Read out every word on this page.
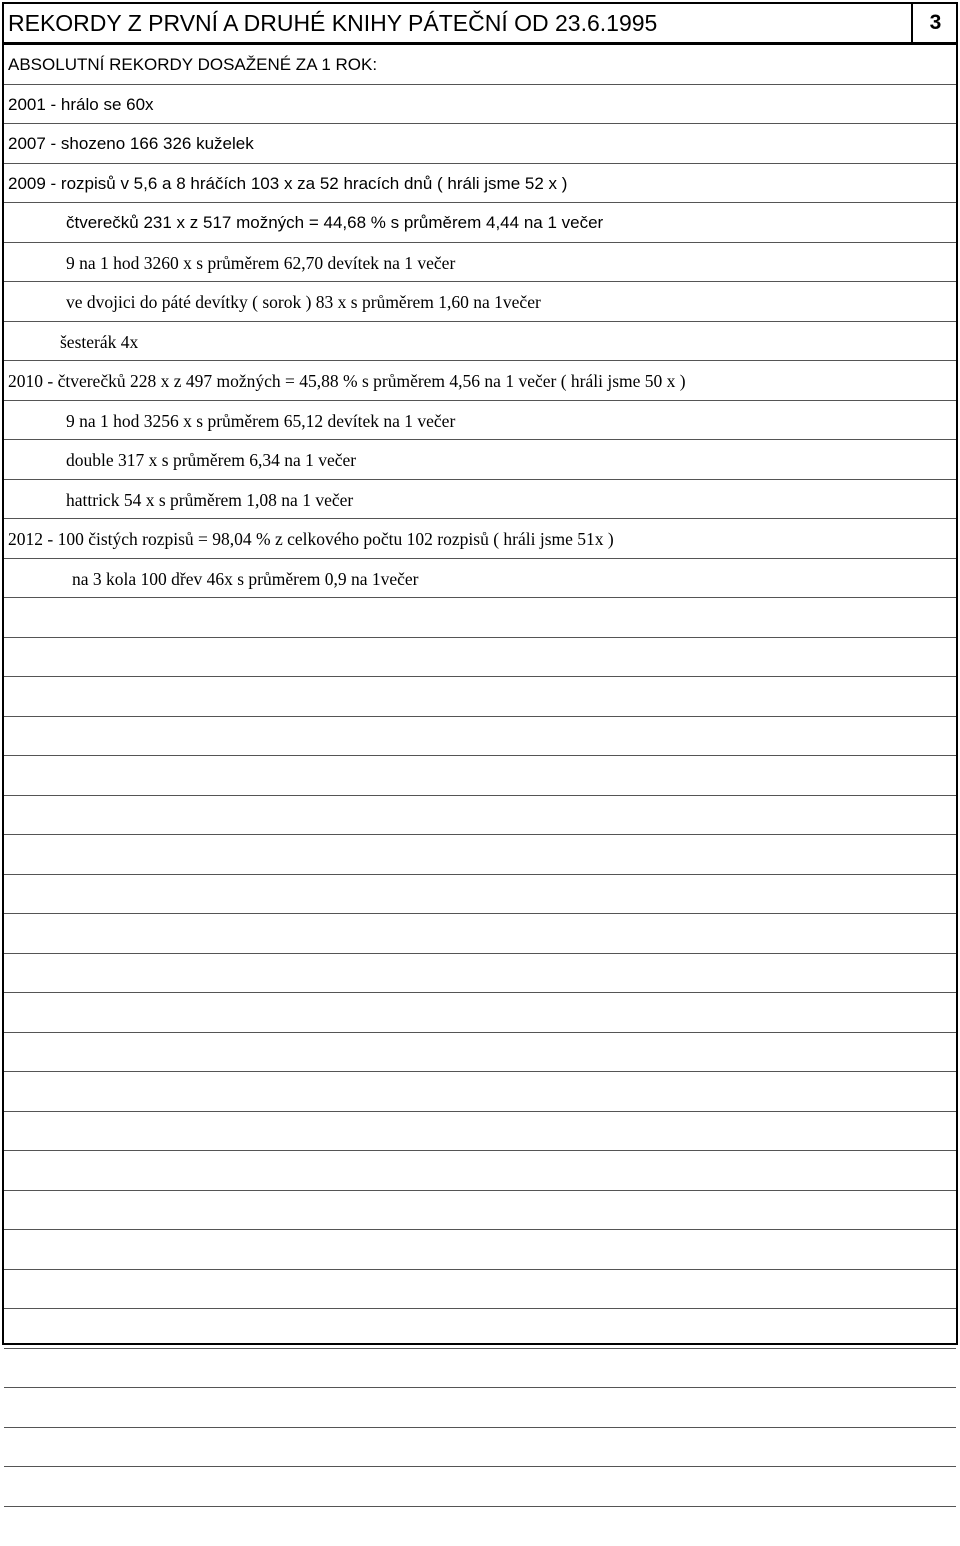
REKORDY Z PRVNÍ A DRUHÉ KNIHY PÁTEČNÍ OD 23.6.1995	3
ABSOLUTNÍ REKORDY DOSAŽENÉ ZA 1 ROK:
2001 - hrálo se 60x
2007 - shozeno 166 326 kuželek
2009 - rozpisů v 5,6 a 8 hráčích 103 x za 52 hracích dnů ( hráli jsme 52 x )
čtverečků 231 x z 517 možných = 44,68 % s průměrem 4,44 na 1 večer
9 na 1 hod 3260 x s průměrem 62,70 devítek na 1 večer
ve dvojici do páté devítky ( sorok ) 83 x s průměrem 1,60 na 1večer
šesterák 4x
2010 - čtverečků 228 x z 497 možných = 45,88 % s průměrem 4,56 na 1 večer ( hráli jsme 50 x )
9 na 1 hod 3256 x s průměrem 65,12 devítek na 1 večer
double 317 x s průměrem 6,34 na 1 večer
hattrick 54 x s průměrem 1,08 na 1 večer
2012 - 100 čistých rozpisů = 98,04 % z celkového počtu 102 rozpisů ( hráli jsme 51x )
na 3 kola 100 dřev 46x s průměrem 0,9 na 1večer
